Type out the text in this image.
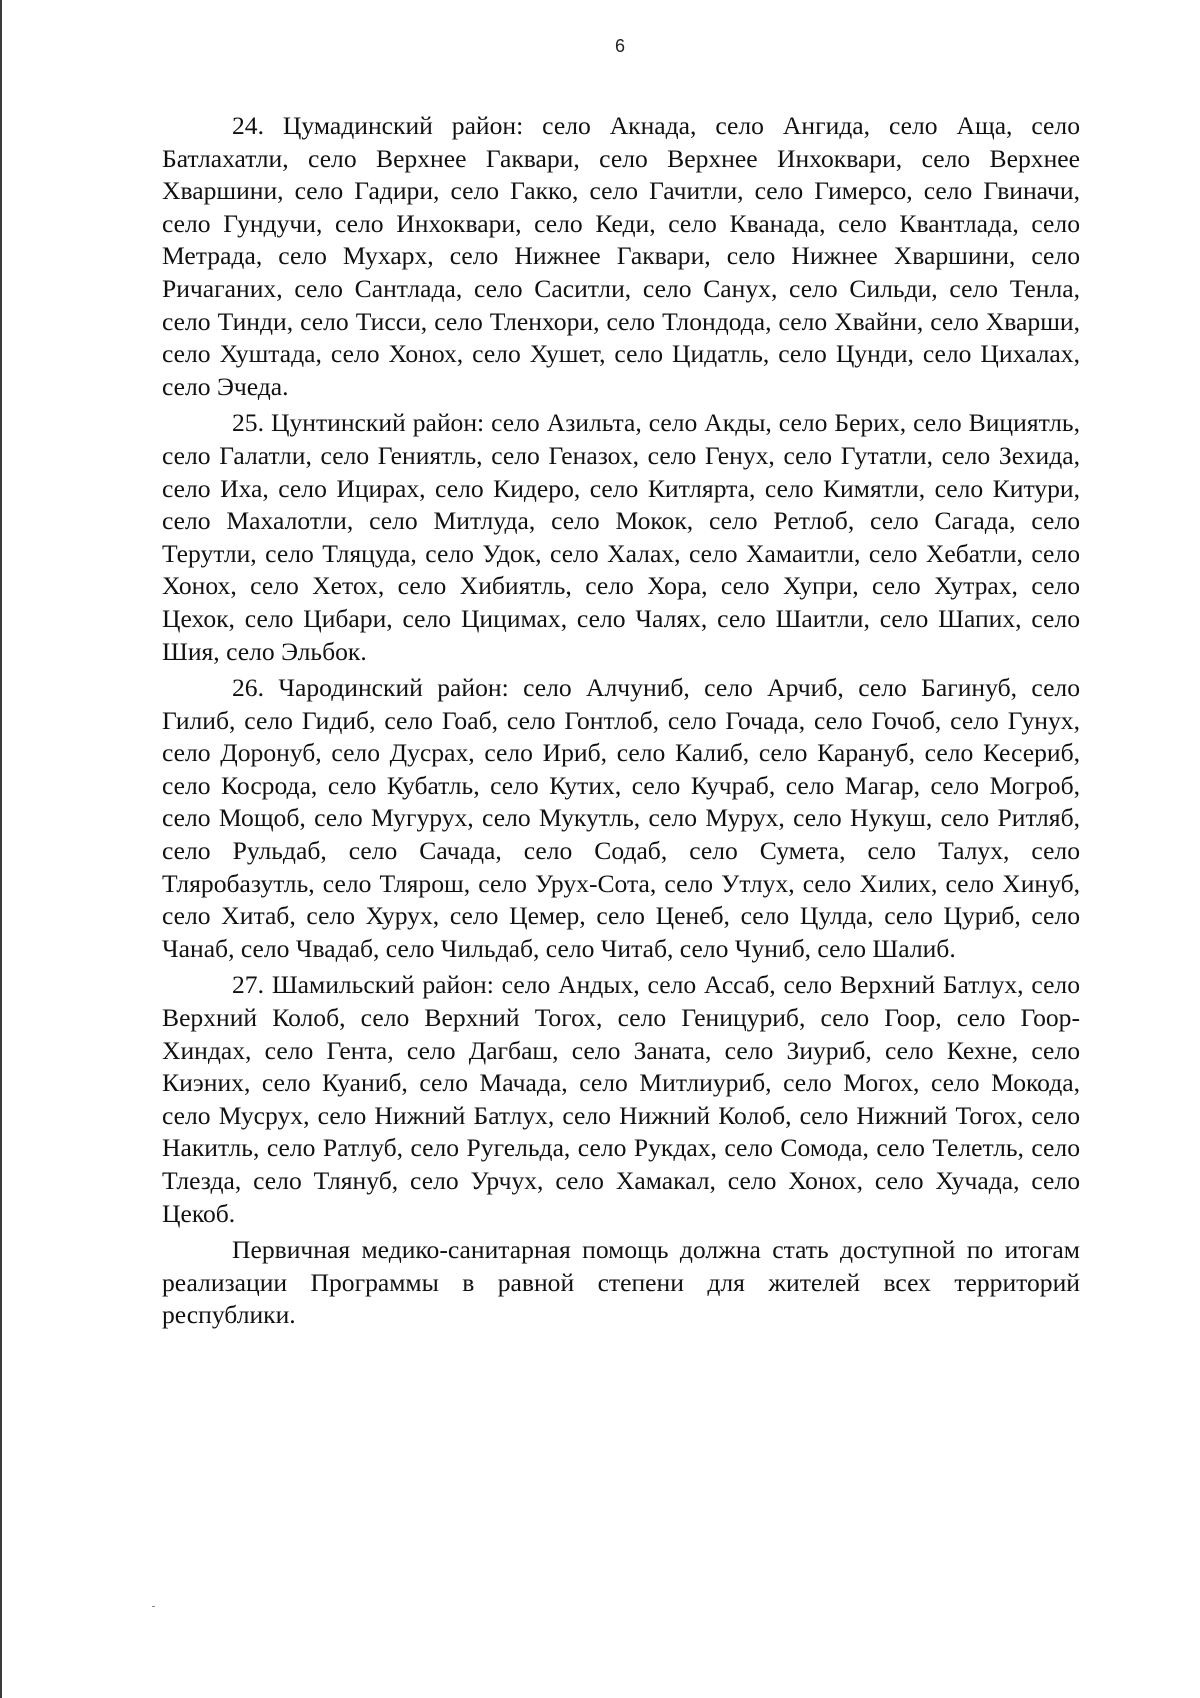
6

24. Цумадинский район: село Акнада, село Ангида, село Аща, село Батлахатли, село Верхнее Гаквари, село Верхнее Инхоквари, село Верхнее Хваршини, село Гадири, село Гакко, село Гачитли, село Гимерсо, село Гвиначи, село Гундучи, село Инхоквари, село Кеди, село Кванада, село Квантлада, село Метрада, село Мухарх, село Нижнее Гаквари, село Нижнее Хваршини, село Ричаганих, село Сантлада, село Саситли, село Санух, село Сильди, село Тенла, село Тинди, село Тисси, село Тленхори, село Тлондода, село Хвайни, село Хварши, село Хуштада, село Хонох, село Хушет, село Цидатль, село Цунди, село Цихалах, село Эчеда.

25. Цунтинский район: село Азильта, село Акды, село Берих, село Вициятль, село Галатли, село Гениятль, село Геназох, село Генух, село Гутатли, село Зехида, село Иха, село Ицирах, село Кидеро, село Китлярта, село Кимятли, село Китури, село Махалотли, село Митлуда, село Мокок, село Ретлоб, село Сагада, село Терутли, село Тляцуда, село Удок, село Халах, село Хамаитли, село Хебатли, село Хонох, село Хетох, село Хибиятль, село Хора, село Хупри, село Хутрах, село Цехок, село Цибари, село Цицимах, село Чалях, село Шаитли, село Шапих, село Шия, село Эльбок.

26. Чародинский район: село Алчуниб, село Арчиб, село Багинуб, село Гилиб, село Гидиб, село Гоаб, село Гонтлоб, село Гочада, село Гочоб, село Гунух, село Доронуб, село Дусрах, село Ириб, село Калиб, село Карануб, село Кесериб, село Косрода, село Кубатль, село Кутих, село Кучраб, село Магар, село Могроб, село Мощоб, село Мугурух, село Мукутль, село Мурух, село Нукуш, село Ритляб, село Рульдаб, село Сачада, село Содаб, село Сумета, село Талух, село Тляробазутль, село Тлярош, село Урух-Сота, село Утлух, село Хилих, село Хинуб, село Хитаб, село Хурух, село Цемер, село Ценеб, село Цулда, село Цуриб, село Чанаб, село Чвадаб, село Чильдаб, село Читаб, село Чуниб, село Шалиб.

27. Шамильский район: село Андых, село Ассаб, село Верхний Батлух, село Верхний Колоб, село Верхний Тогох, село Геницуриб, село Гоор, село Гоор-Хиндах, село Гента, село Дагбаш, село Заната, село Зиуриб, село Кехне, село Киэних, село Куаниб, село Мачада, село Митлиуриб, село Могох, село Мокода, село Мусрух, село Нижний Батлух, село Нижний Колоб, село Нижний Тогох, село Накитль, село Ратлуб, село Ругельда, село Рукдах, село Сомода, село Телетль, село Тлезда, село Тлянуб, село Урчух, село Хамакал, село Хонох, село Хучада, село Цекоб.

Первичная медико-санитарная помощь должна стать доступной по итогам реализации Программы в равной степени для жителей всех территорий республики.
